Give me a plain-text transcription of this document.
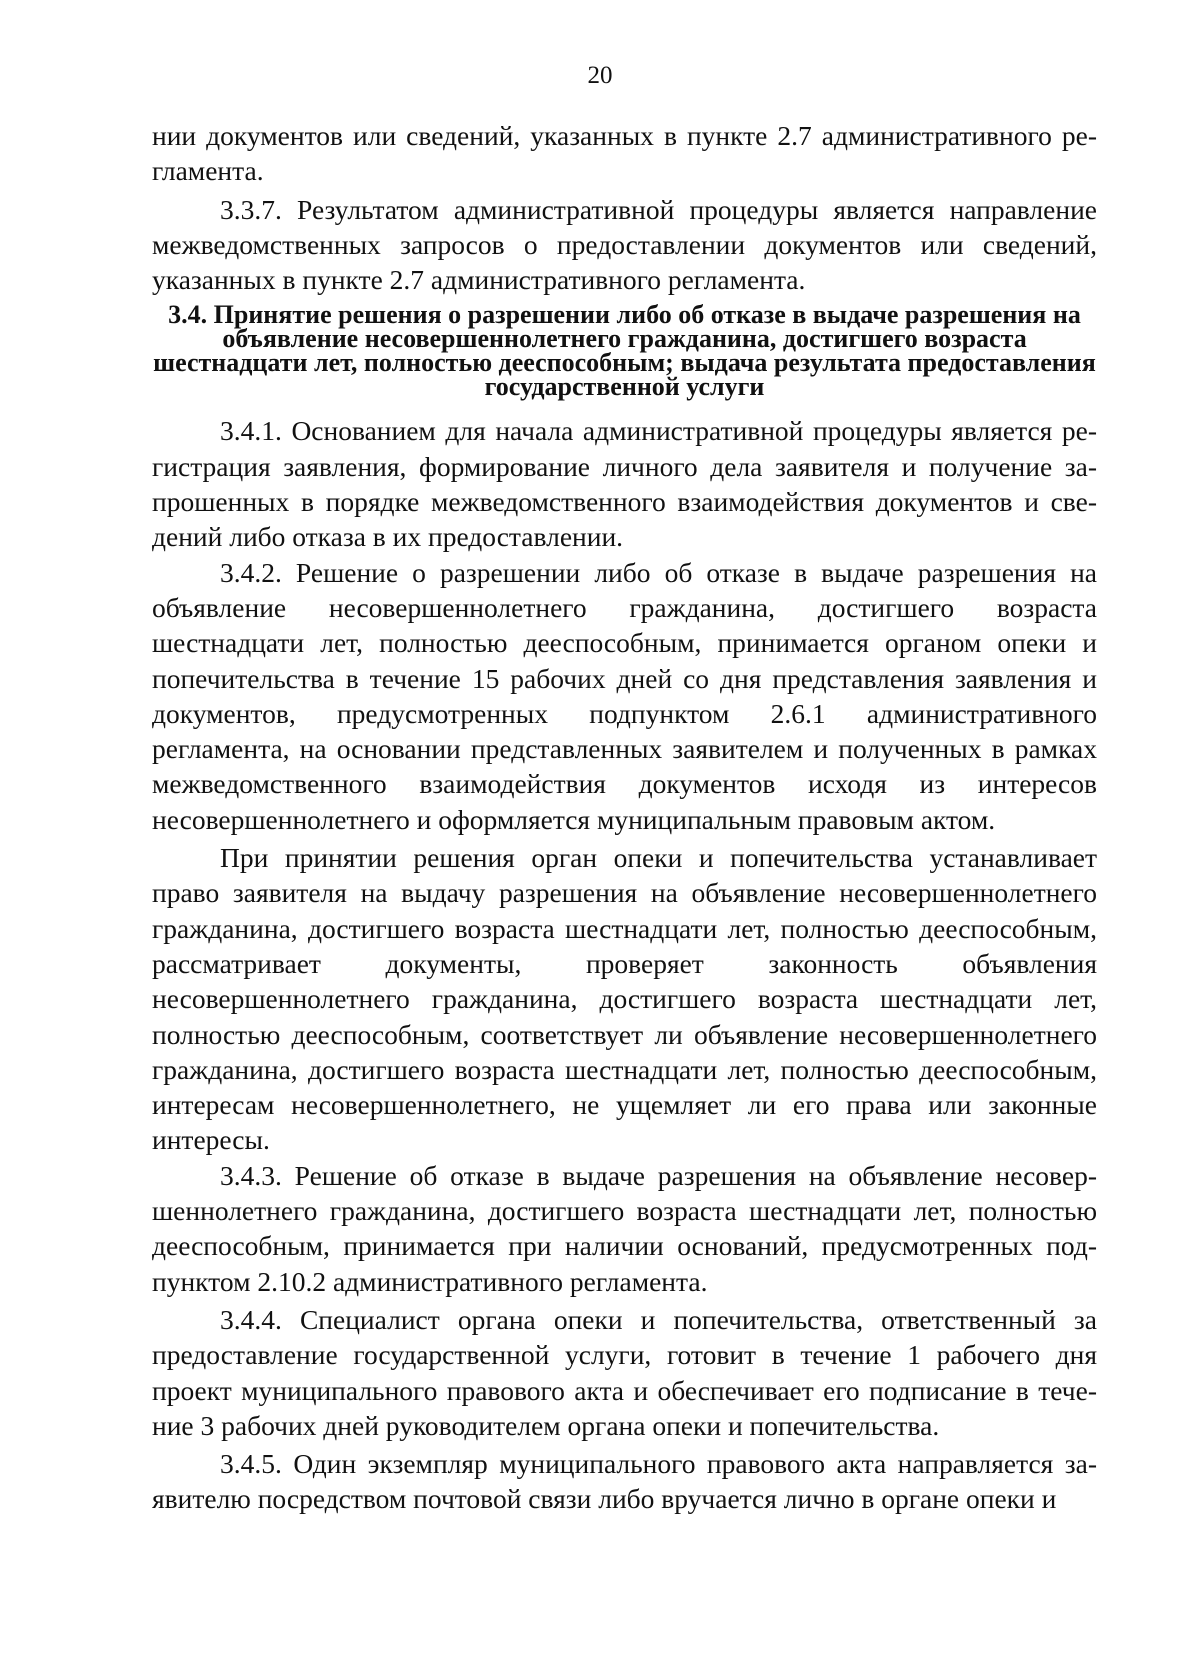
20

нии документов или сведений, указанных в пункте 2.7 административного регламента.

3.3.7. Результатом административной процедуры является направление межведомственных запросов о предоставлении документов или сведений, указанных в пункте 2.7 административного регламента.

3.4. Принятие решения о разрешении либо об отказе в выдаче разрешения на объявление несовершеннолетнего гражданина, достигшего возраста шестнадцати лет, полностью дееспособным; выдача результата предоставления государственной услуги

3.4.1. Основанием для начала административной процедуры является регистрация заявления, формирование личного дела заявителя и получение запрошенных в порядке межведомственного взаимодействия документов и сведений либо отказа в их предоставлении.

3.4.2. Решение о разрешении либо об отказе в выдаче разрешения на объявление несовершеннолетнего гражданина, достигшего возраста шестнадцати лет, полностью дееспособным, принимается органом опеки и попечительства в течение 15 рабочих дней со дня представления заявления и документов, предусмотренных подпунктом 2.6.1 административного регламента, на основании представленных заявителем и полученных в рамках межведомственного взаимодействия документов исходя из интересов несовершеннолетнего и оформляется муниципальным правовым актом.

При принятии решения орган опеки и попечительства устанавливает право заявителя на выдачу разрешения на объявление несовершеннолетнего гражданина, достигшего возраста шестнадцати лет, полностью дееспособным, рассматривает документы, проверяет законность объявления несовершеннолетнего гражданина, достигшего возраста шестнадцати лет, полностью дееспособным, соответствует ли объявление несовершеннолетнего гражданина, достигшего возраста шестнадцати лет, полностью дееспособным, интересам несовершеннолетнего, не ущемляет ли его права или законные интересы.

3.4.3. Решение об отказе в выдаче разрешения на объявление несовершеннолетнего гражданина, достигшего возраста шестнадцати лет, полностью дееспособным, принимается при наличии оснований, предусмотренных подпунктом 2.10.2 административного регламента.

3.4.4. Специалист органа опеки и попечительства, ответственный за предоставление государственной услуги, готовит в течение 1 рабочего дня проект муниципального правового акта и обеспечивает его подписание в течение 3 рабочих дней руководителем органа опеки и попечительства.

3.4.5. Один экземпляр муниципального правового акта направляется заявителю посредством почтовой связи либо вручается лично в органе опеки и
